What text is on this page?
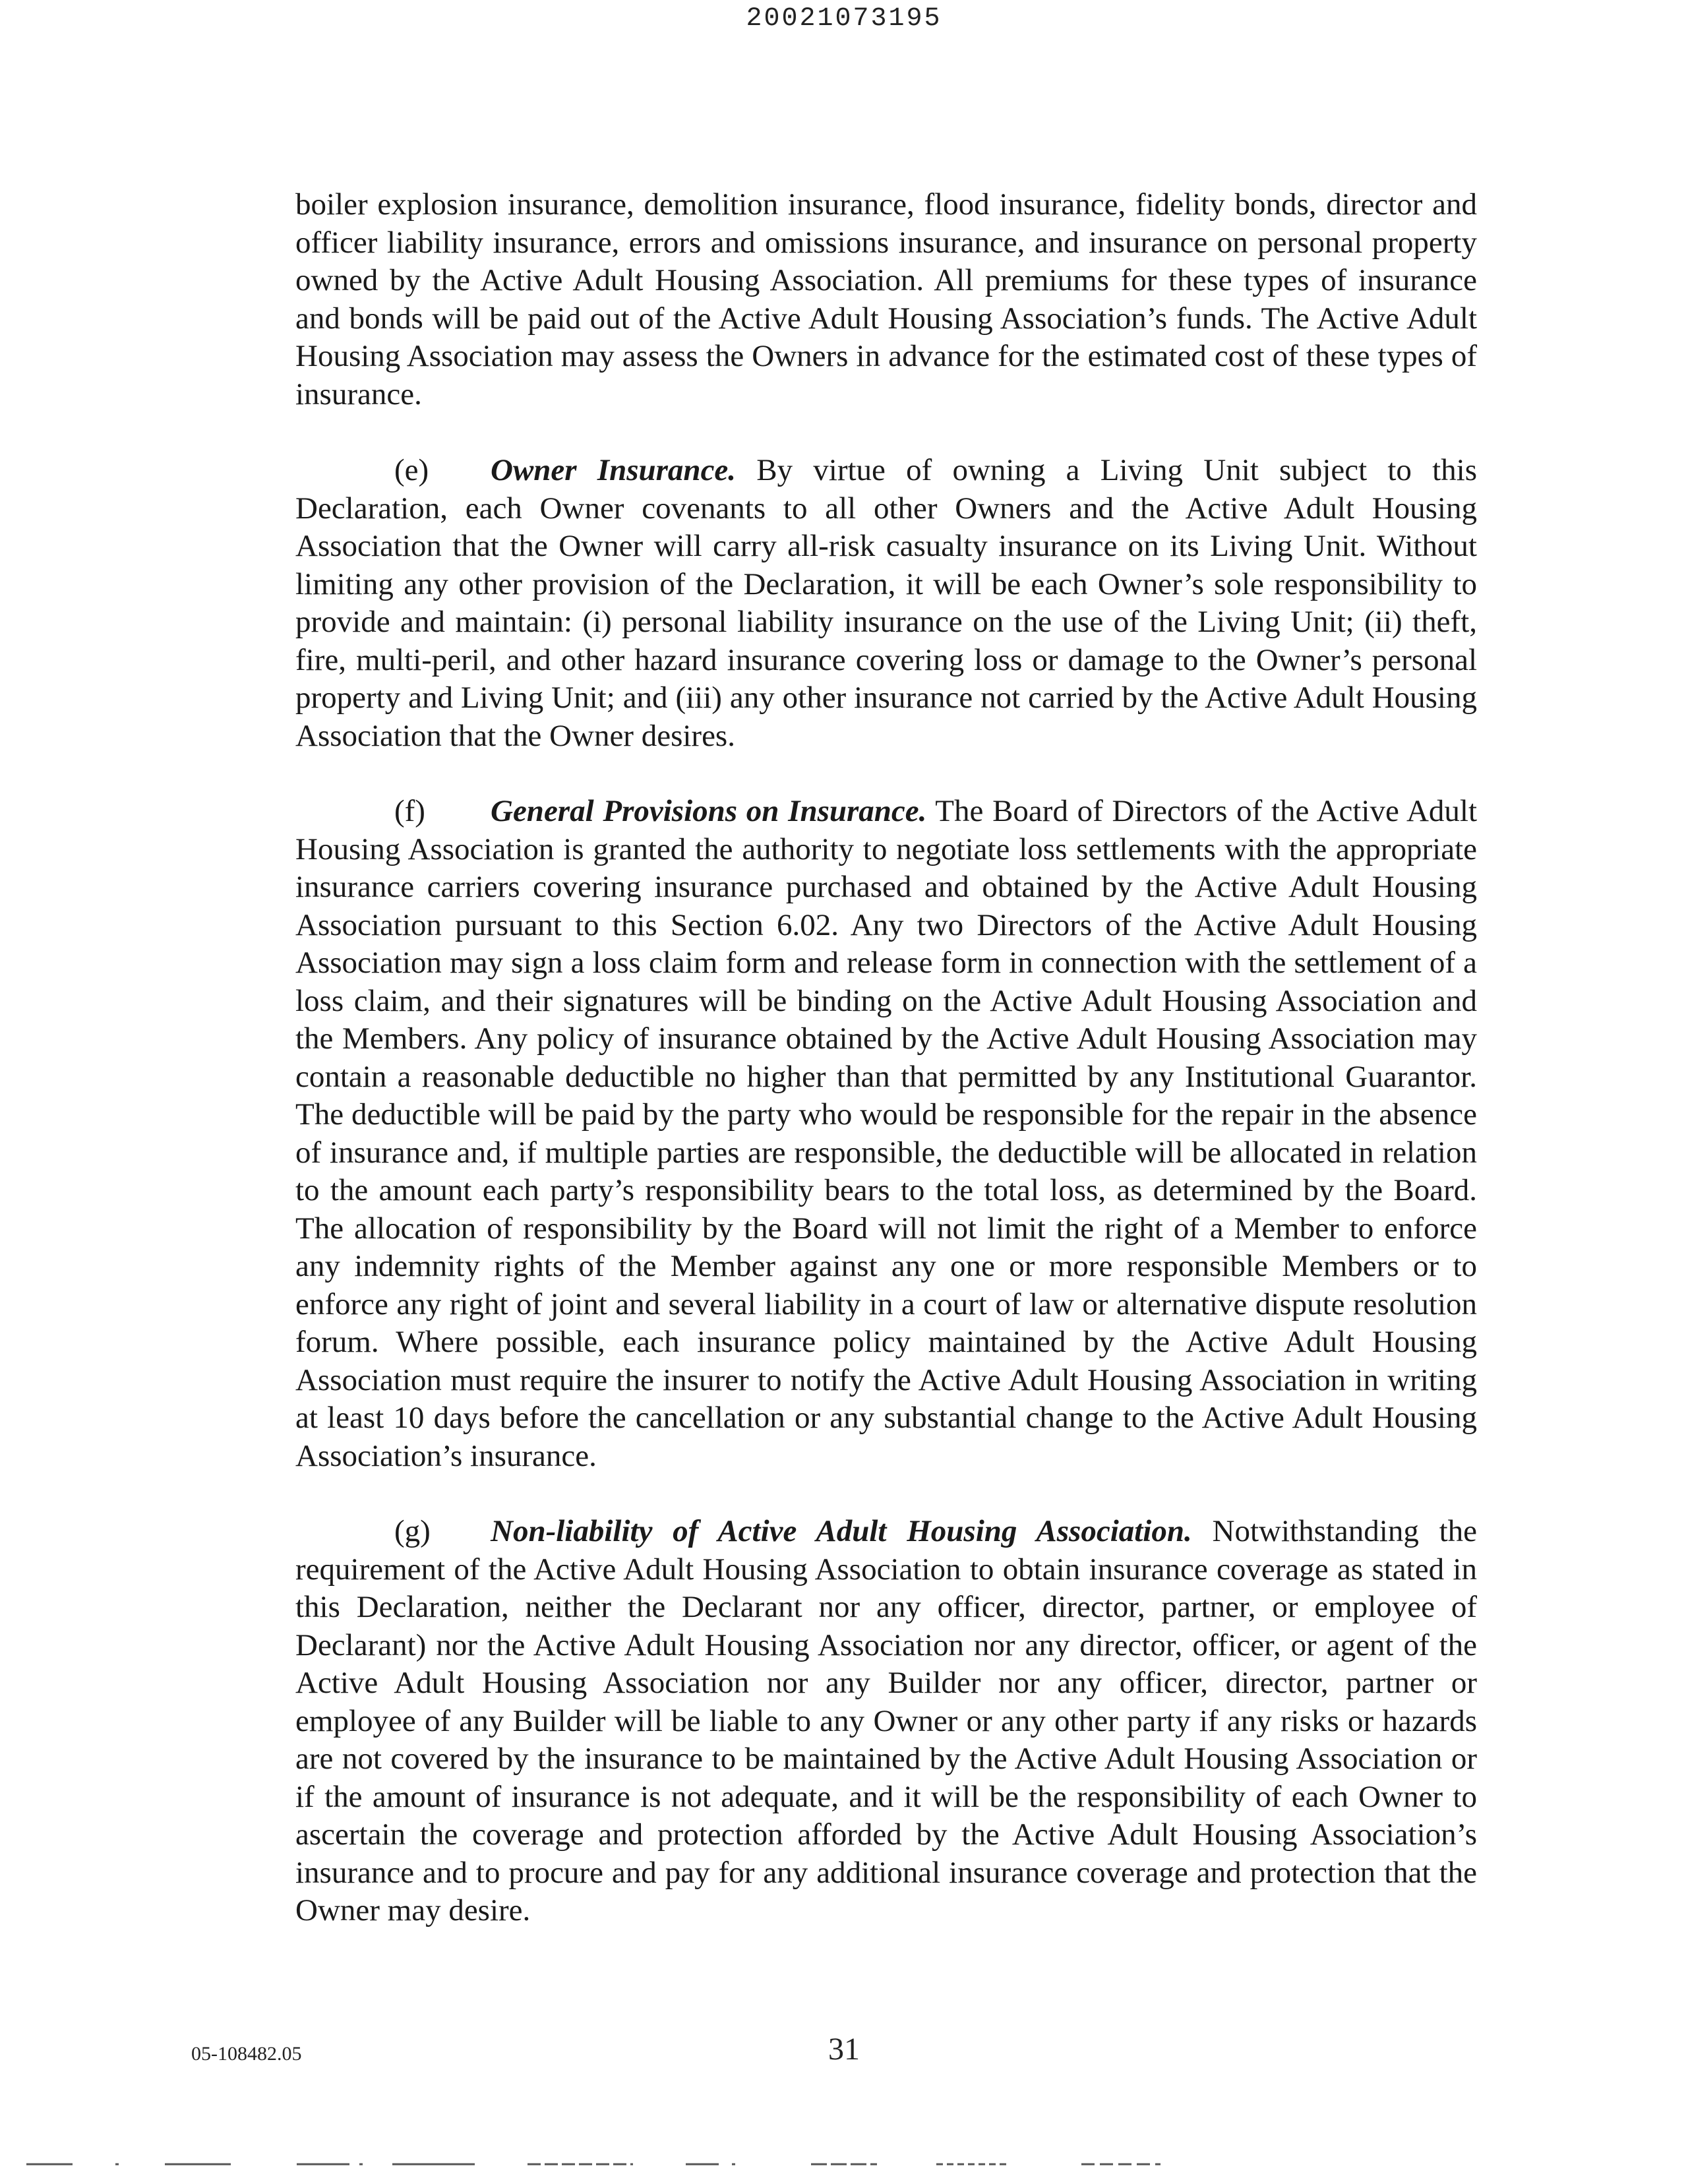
20021073195

boiler explosion insurance, demolition insurance, flood insurance, fidelity bonds, director and officer liability insurance, errors and omissions insurance, and insurance on personal property owned by the Active Adult Housing Association. All premiums for these types of insurance and bonds will be paid out of the Active Adult Housing Association’s funds. The Active Adult Housing Association may assess the Owners in advance for the estimated cost of these types of insurance.

(e) Owner Insurance. By virtue of owning a Living Unit subject to this Declaration, each Owner covenants to all other Owners and the Active Adult Housing Association that the Owner will carry all-risk casualty insurance on its Living Unit. Without limiting any other provision of the Declaration, it will be each Owner’s sole responsibility to provide and maintain: (i) personal liability insurance on the use of the Living Unit; (ii) theft, fire, multi-peril, and other hazard insurance covering loss or damage to the Owner’s personal property and Living Unit; and (iii) any other insurance not carried by the Active Adult Housing Association that the Owner desires.

(f) General Provisions on Insurance. The Board of Directors of the Active Adult Housing Association is granted the authority to negotiate loss settlements with the appropriate insurance carriers covering insurance purchased and obtained by the Active Adult Housing Association pursuant to this Section 6.02. Any two Directors of the Active Adult Housing Association may sign a loss claim form and release form in connection with the settlement of a loss claim, and their signatures will be binding on the Active Adult Housing Association and the Members. Any policy of insurance obtained by the Active Adult Housing Association may contain a reasonable deductible no higher than that permitted by any Institutional Guarantor. The deductible will be paid by the party who would be responsible for the repair in the absence of insurance and, if multiple parties are responsible, the deductible will be allocated in relation to the amount each party’s responsibility bears to the total loss, as determined by the Board. The allocation of responsibility by the Board will not limit the right of a Member to enforce any indemnity rights of the Member against any one or more responsible Members or to enforce any right of joint and several liability in a court of law or alternative dispute resolution forum. Where possible, each insurance policy maintained by the Active Adult Housing Association must require the insurer to notify the Active Adult Housing Association in writing at least 10 days before the cancellation or any substantial change to the Active Adult Housing Association’s insurance.

(g) Non-liability of Active Adult Housing Association. Notwithstanding the requirement of the Active Adult Housing Association to obtain insurance coverage as stated in this Declaration, neither the Declarant nor any officer, director, partner, or employee of Declarant) nor the Active Adult Housing Association nor any director, officer, or agent of the Active Adult Housing Association nor any Builder nor any officer, director, partner or employee of any Builder will be liable to any Owner or any other party if any risks or hazards are not covered by the insurance to be maintained by the Active Adult Housing Association or if the amount of insurance is not adequate, and it will be the responsibility of each Owner to ascertain the coverage and protection afforded by the Active Adult Housing Association’s insurance and to procure and pay for any additional insurance coverage and protection that the Owner may desire.

05-108482.05	31
